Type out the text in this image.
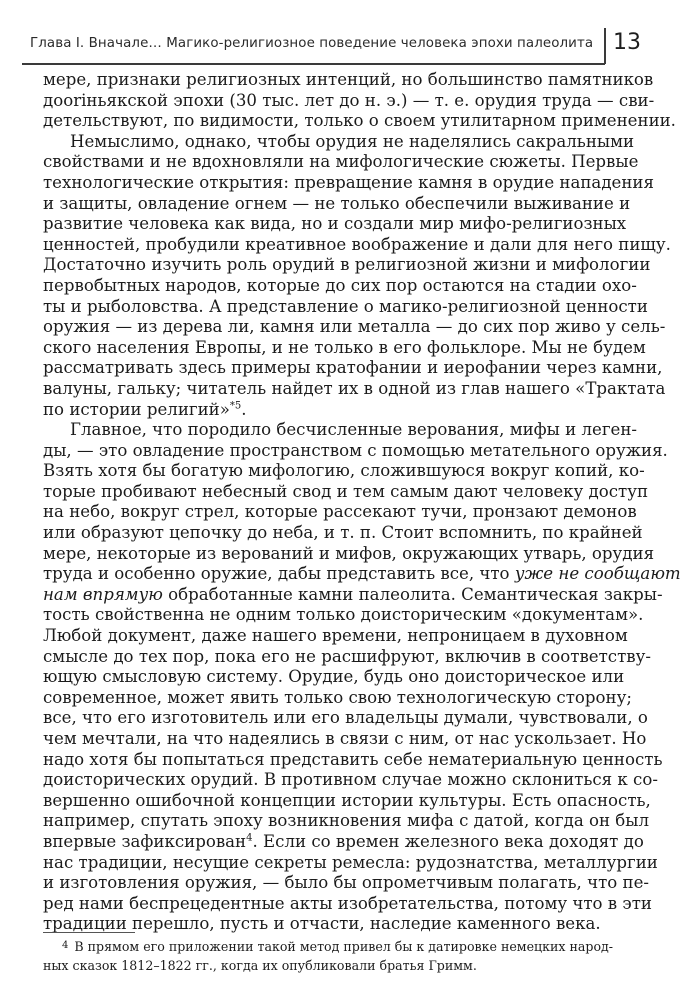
Глава I. Вначале… Магико-религиозное поведение человека эпохи палеолита 13

мере, признаки религиозных интенций, но большинство памятников
дооriньякской эпохи (30 тыс. лет до н. э.) — т. е. орудия труда — сви-
детельствуют, по видимости, только о своем утилитарном применении.

Немыслимо, однако, чтобы орудия не наделялись сакральными
свойствами и не вдохновляли на мифологические сюжеты. Первые
технологические открытия: превращение камня в орудие нападения
и защиты, овладение огнем — не только обеспечили выживание и
развитие человека как вида, но и создали мир мифо-религиозных
ценностей, пробудили креативное воображение и дали для него пищу.
Достаточно изучить роль орудий в религиозной жизни и мифологии
первобытных народов, которые до сих пор остаются на стадии охо-
ты и рыболовства. А представление о магико-религиозной ценности
оружия — из дерева ли, камня или металла — до сих пор живо у сель-
ского населения Европы, и не только в его фольклоре. Мы не будем
рассматривать здесь примеры кратофании и иерофании через камни,
валуны, гальку; читатель найдет их в одной из глав нашего «Трактата
по истории религий»$^{*5}$.

Главное, что породило бесчисленные верования, мифы и леген-
ды, — это овладение пространством с помощью метательного оружия.
Взять хотя бы богатую мифологию, сложившуюся вокруг копий, ко-
торые пробивают небесный свод и тем самым дают человеку доступ
на небо, вокруг стрел, которые рассекают тучи, пронзают демонов
или образуют цепочку до неба, и т. п. Стоит вспомнить, по крайней
мере, некоторые из верований и мифов, окружающих утварь, орудия
труда и особенно оружие, дабы представить все, что уже не сообщают
нам впрямую обработанные камни палеолита. Семантическая закры-
тость свойственна не одним только доисторическим «документам».
Любой документ, даже нашего времени, непроницаем в духовном
смысле до тех пор, пока его не расшифруют, включив в соответству-
ющую смысловую систему. Орудие, будь оно доисторическое или
современное, может явить только свою технологическую сторону;
все, что его изготовитель или его владельцы думали, чувствовали, о
чем мечтали, на что надеялись в связи с ним, от нас ускользает. Но
надо хотя бы попытаться представить себе нематериальную ценность
доисторических орудий. В противном случае можно склониться к со-
вершенно ошибочной концепции истории культуры. Есть опасность,
например, спутать эпоху возникновения мифа с датой, когда он был
впервые зафиксирован$^4$. Если со времен железного века доходят до
нас традиции, несущие секреты ремесла: рудознатства, металлургии
и изготовления оружия, — было бы опрометчивым полагать, что пе-
ред нами беспрецедентные акты изобретательства, потому что в эти
традиции перешло, пусть и отчасти, наследие каменного века.

$^4$ В прямом его приложении такой метод привел бы к датировке немецких народ-
ных сказок 1812–1822 гг., когда их опубликовали братья Гримм.
